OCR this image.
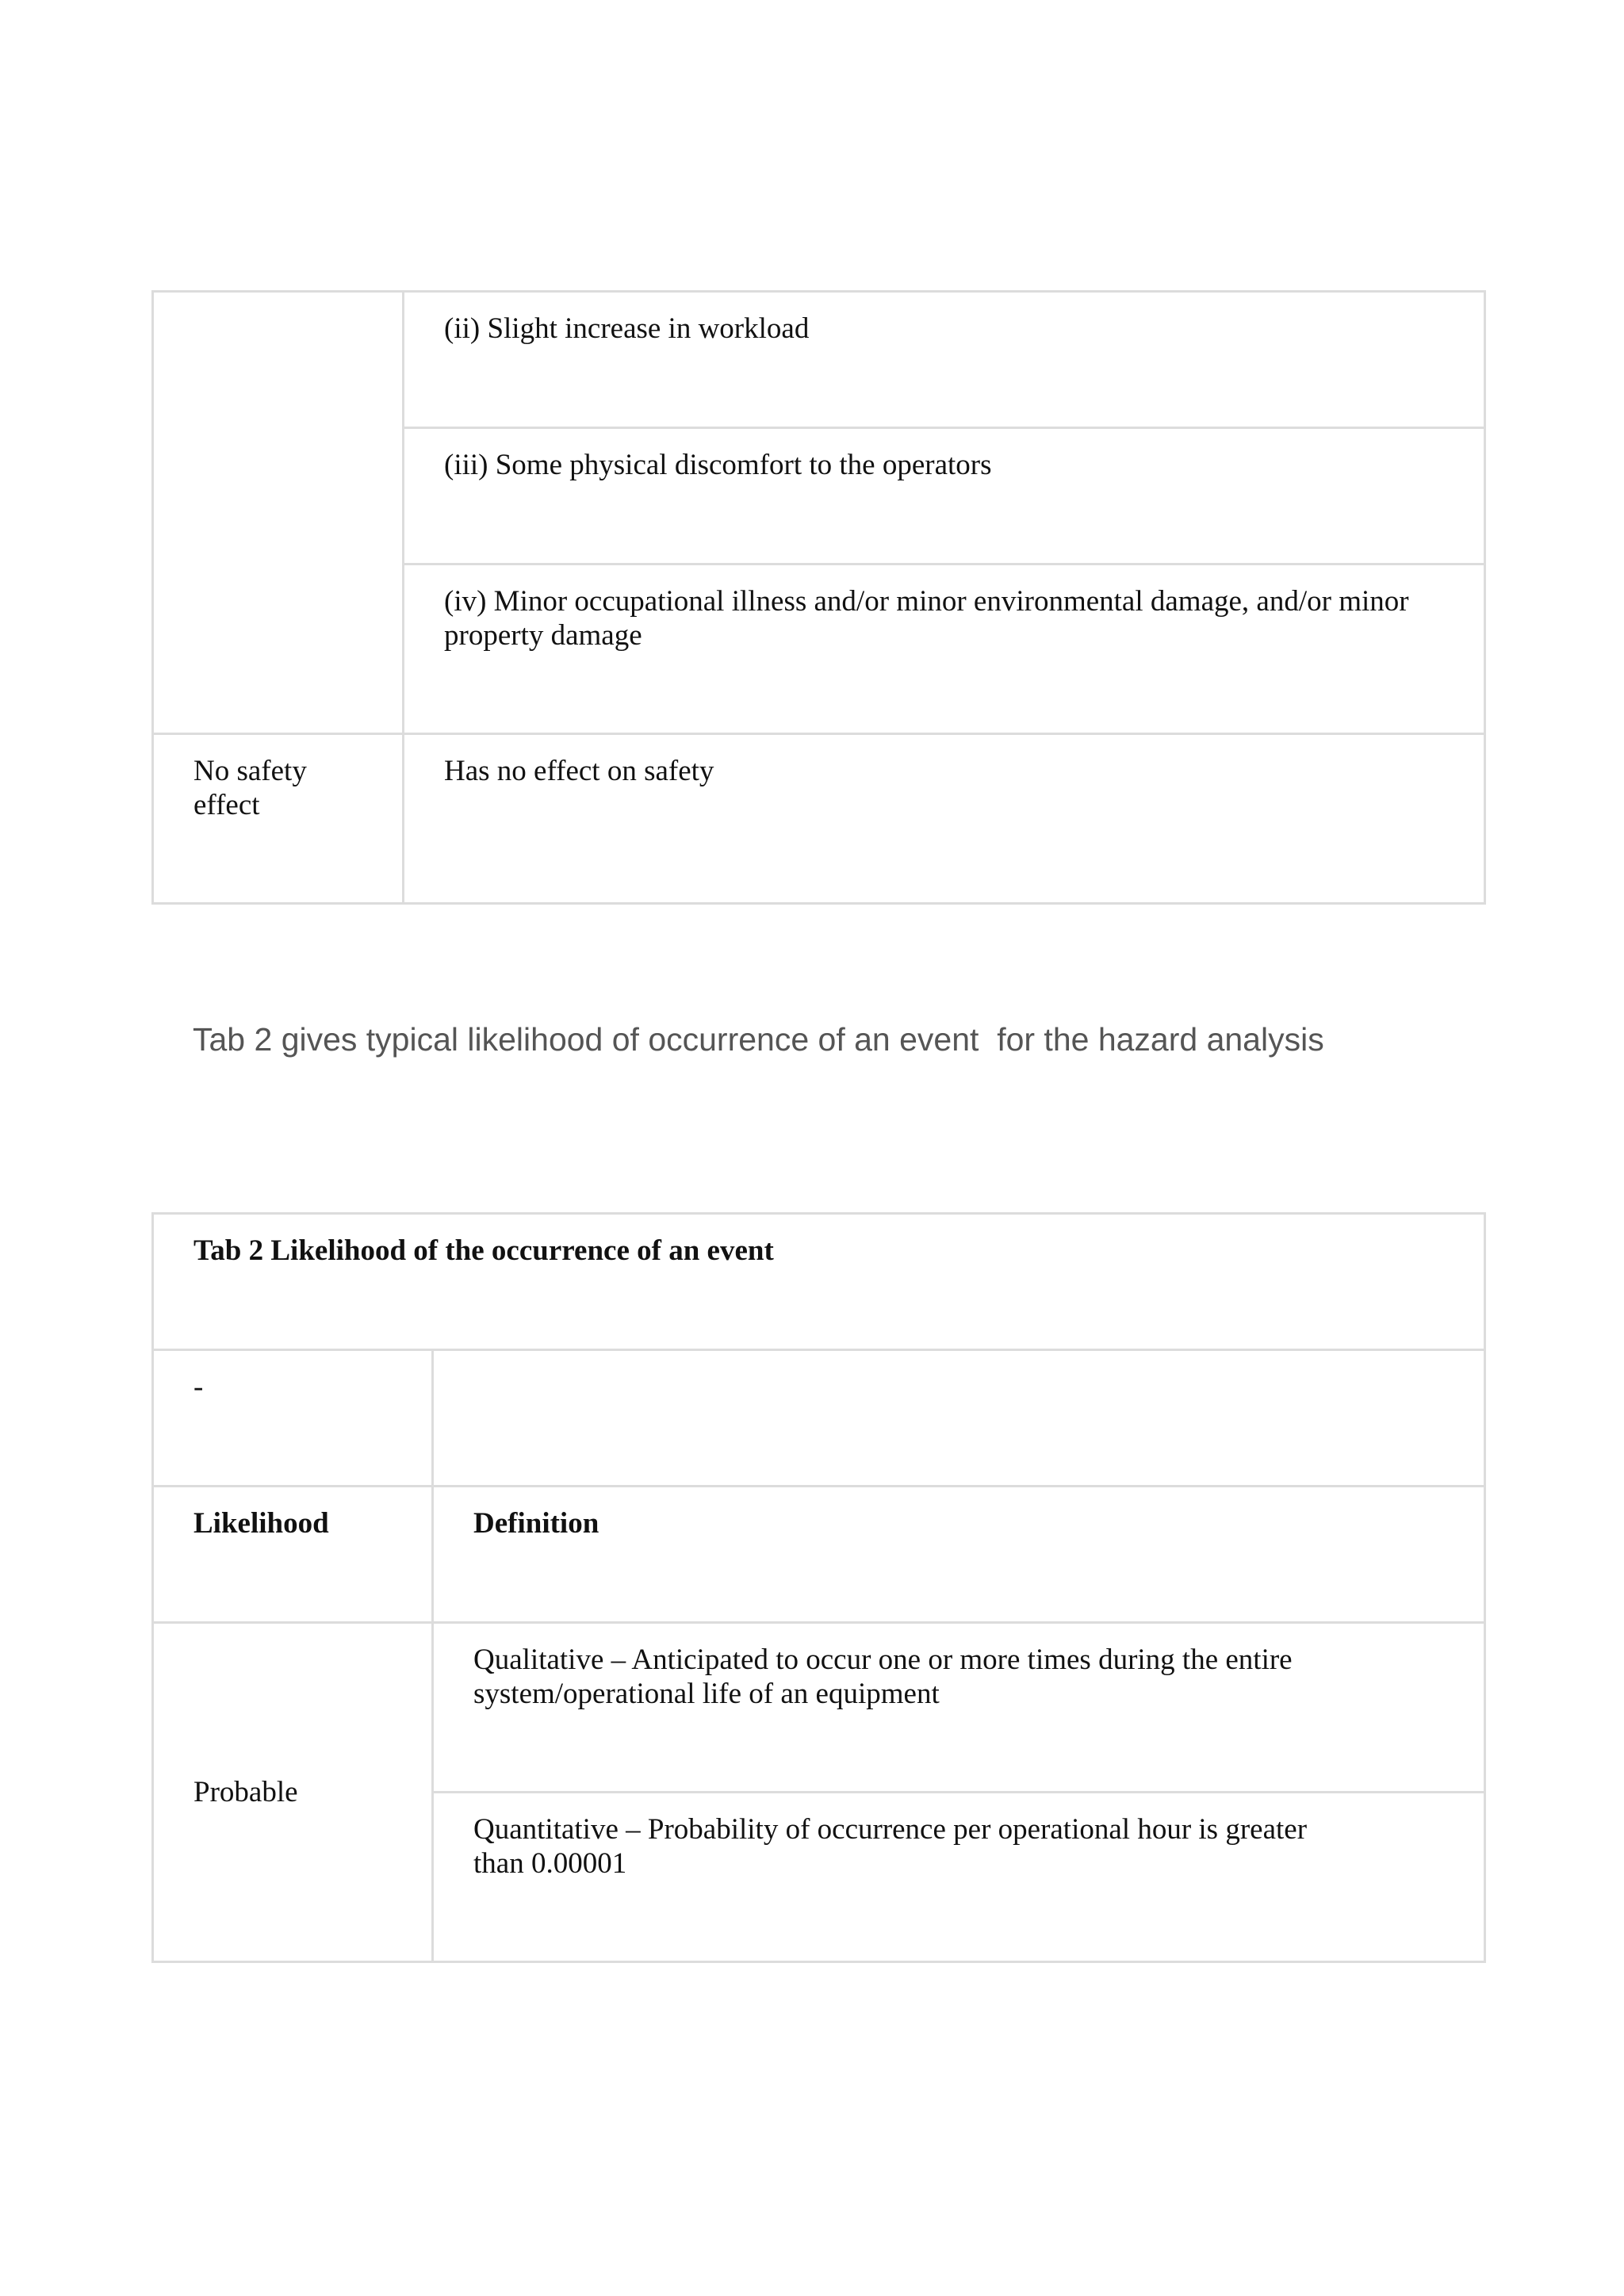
	(ii) Slight increase in workload

	(iii) Some physical discomfort to the operators

	(iv) Minor occupational illness and/or minor environmental damage, and/or minor property damage

No safety effect	Has no effect on safety
Tab 2 gives typical likelihood of occurrence of an event  for the hazard analysis
Tab 2 Likelihood of the occurrence of an event	

-	

Likelihood	Definition

Probable	Qualitative – Anticipated to occur one or more times during the entire system/operational life of an equipment

	Quantitative – Probability of occurrence per operational hour is greater than 0.00001
